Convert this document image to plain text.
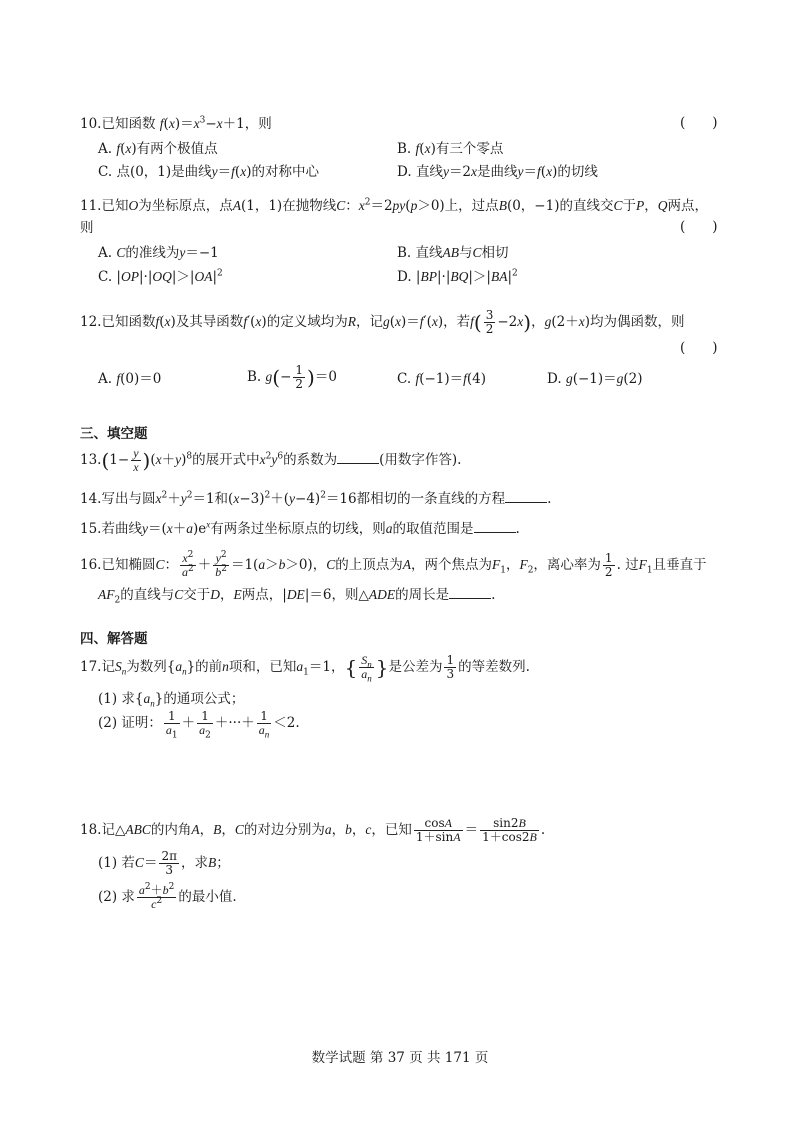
10.已知函数 $f(x)=x^3-x+1$，则	(  )
A. f(x)有两个极值点	B. f(x)有三个零点
C. 点(0，1)是曲线y＝f(x)的对称中心	D. 直线y＝2x是曲线y＝f(x)的切线
11.已知O为坐标原点，点A(1，1)在抛物线C：$x^2=2py(p>0)$上，过点B(0，−1)的直线交C于P，Q两点，
则	(  )
A. C的准线为y＝−1	B. 直线AB与C相切
C. $|OP|\cdot|OQ|>|OA|^2$	D. $|BP|\cdot|BQ|>|BA|^2$
12.已知函数f(x)及其导函数f′(x)的定义域均为R，记g(x)＝f′(x)，若$f( \frac{3}{2} -2x)$，g(2＋x)均为偶函数，则
(  )
A. f(0)＝0	B. $g(- \frac{1}{2} )=0$	C. f(−1)＝f(4)	D. g(−1)＝g(2)
三、填空题
$13.(1- \frac{y}{x} )(x+y)^8$的展开式中$x^2y^6$的系数为	(用数字作答).
14.写出与圆$x^2+y^2=1$和$(x-3)^2+(y-4)^2=16$都相切的一条直线的方程	.
15.若曲线$y=(x+a)e^x$有两条过坐标原点的切线，则a的取值范围是	.
16.已知椭圆C： $\frac{x^2}{a^2} + \frac{y^2}{b^2} =1(a>b>0)$，C的上顶点为A，两个焦点为$F_1$，$F_2$，离心率为 $\frac{1}{2}$ . 过$F_1$且垂直于
$AF_2$的直线与C交于D，E两点，|DE|＝6，则△ADE的周长是	.
四、解答题
17.记$S_n$为数列$\{a_n\}$的前n项和，已知$a_1=1$，{ $\frac{S_n}{a_n}$ }是公差为 $\frac{1}{3}$ 的等差数列.
(1) 求$\{a_n\}$的通项公式；
(2) 证明： $\frac{1}{a_1} + \frac{1}{a_2}$ ＋···＋ $\frac{1}{a_n} <2$.
18.记△ABC的内角A，B，C的对边分别为a，b，c，已知 $\frac{\cos A}{1+\sin A} = \frac{\sin 2B}{1+\cos 2B}$ .
(1) 若$C= \frac{2\pi}{3}$ ，求B；
(2) 求 $\frac{a^2+b^2}{c^2}$ 的最小值.
数学试题 第 37 页 共 171 页
